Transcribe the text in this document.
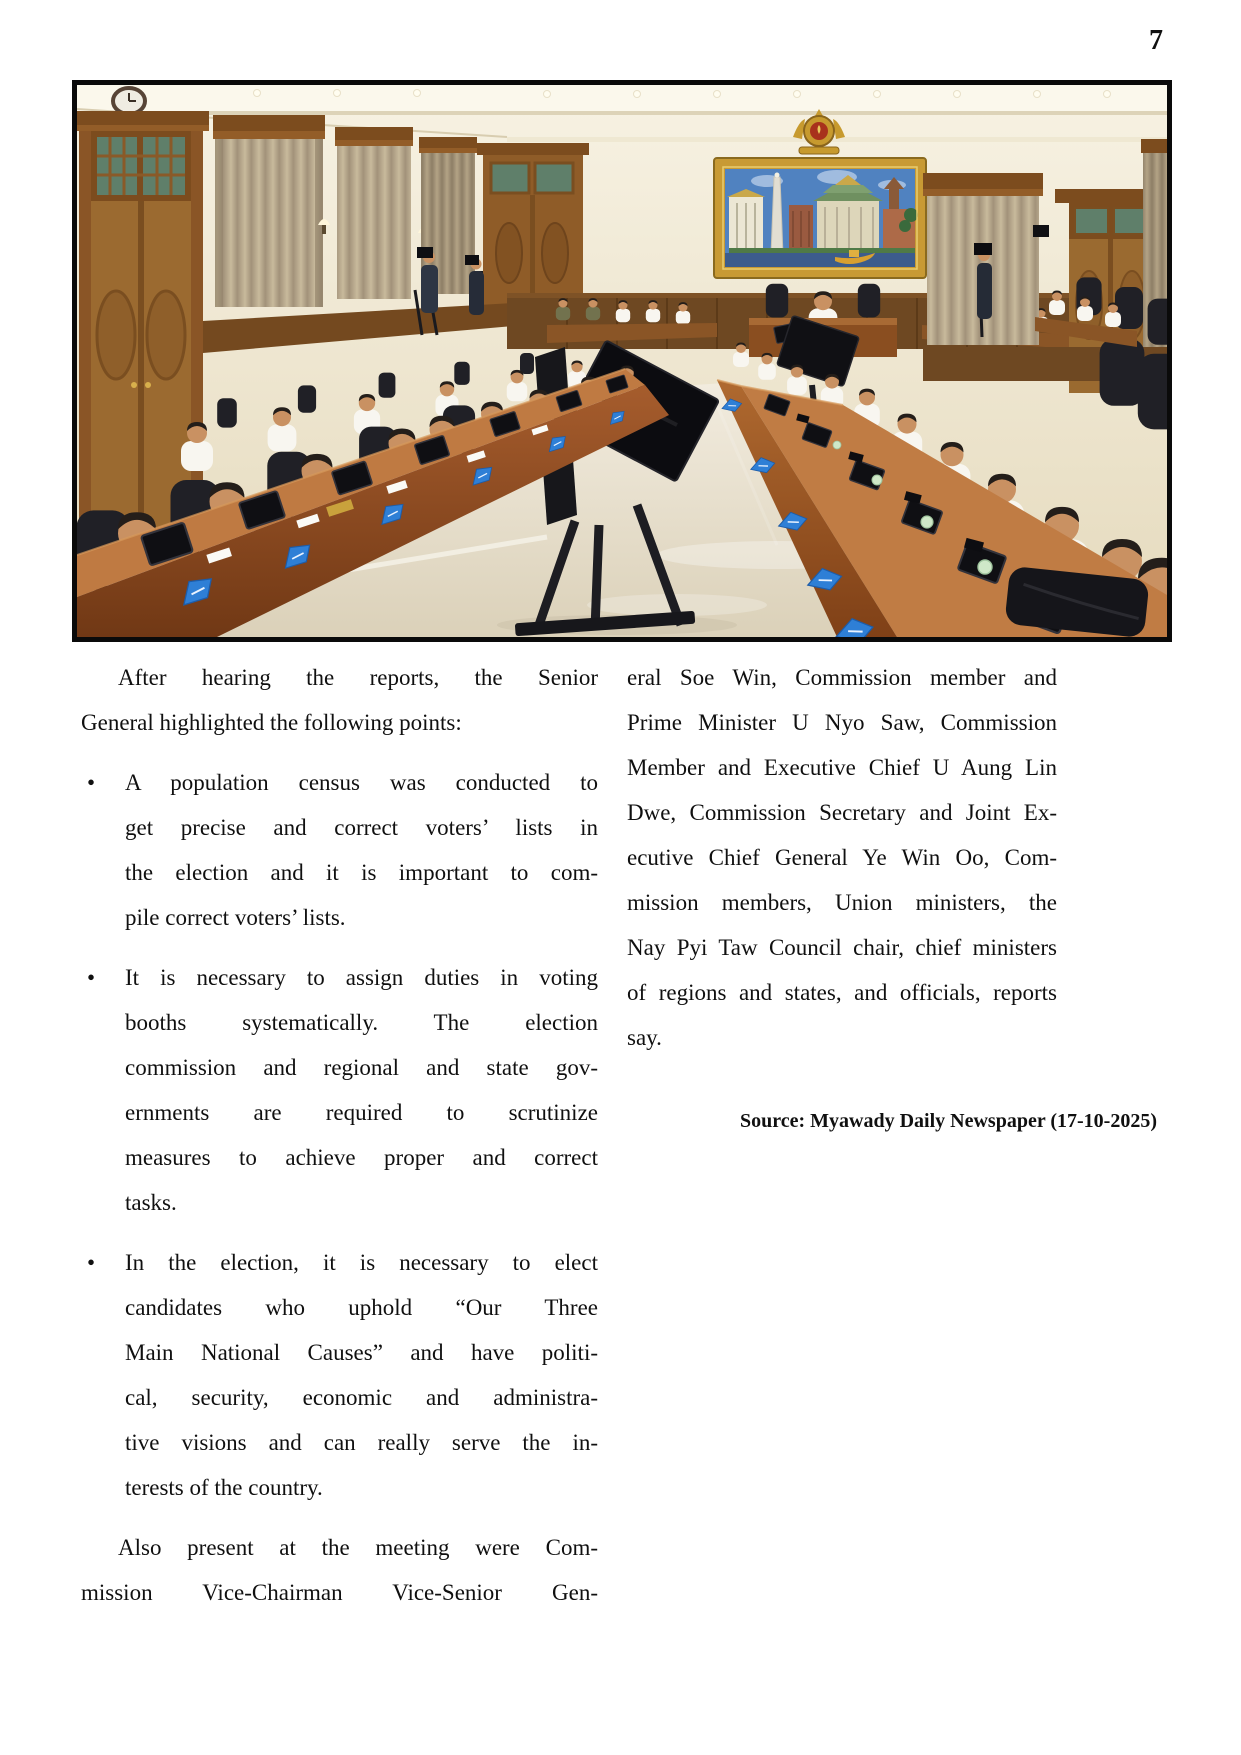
7
After hearing the reports, the Senior
General highlighted the following points:
•	A population census was conducted to
get precise and correct voters’ lists in
the election and it is important to com-
pile correct voters’ lists.
•	It is necessary to assign duties in voting
booths systematically. The election
commission and regional and state gov-
ernments are required to scrutinize
measures to achieve proper and correct
tasks.
•	In the election, it is necessary to elect
candidates who uphold “Our Three
Main National Causes” and have politi-
cal, security, economic and administra-
tive visions and can really serve the in-
terests of the country.
Also present at the meeting were Com-
mission Vice-Chairman Vice-Senior Gen-
eral Soe Win, Commission member and
Prime Minister U Nyo Saw, Commission
Member and Executive Chief U Aung Lin
Dwe, Commission Secretary and Joint Ex-
ecutive Chief General Ye Win Oo, Com-
mission members, Union ministers, the
Nay Pyi Taw Council chair, chief ministers
of regions and states, and officials, reports
say.
Source: Myawady Daily Newspaper (17-10-2025)
